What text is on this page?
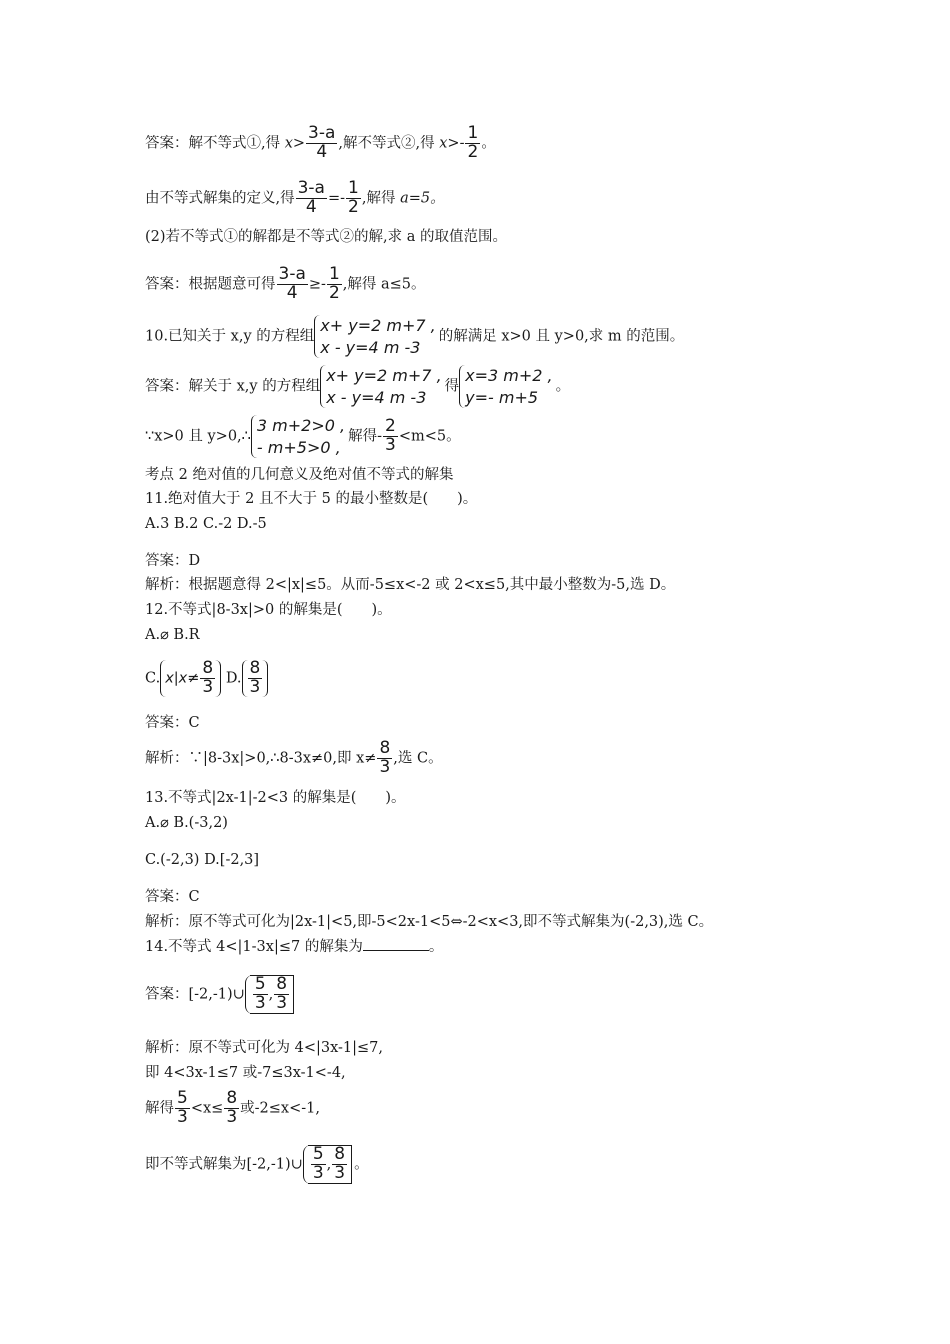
答案：解不等式①,得 $x> \frac{3-a}{4}$ ,解不等式②,得 $x>- \frac{1}{2}$ 。
由不等式解集的定义,得 $\frac{3-a}{4} =- \frac{1}{2}$ ,解得 a=5。
(2)若不等式①的解都是不等式②的解,求 a 的取值范围。
答案：根据题意可得 $\frac{3-a}{4} \ge- \frac{1}{2}$ ,解得 a≤5。
10.已知关于 x,y 的方程组
x+ y=2 m+7 ,
x - y=4 m -3
的解满足 x>0 且 y>0,求 m 的范围。
答案：解关于 x,y 的方程组
x+ y=2 m+7 ,
x - y=4 m -3
得
x=3 m+2 ,
y=- m+5
。
∵x>0 且 y>0,∴
3 m+2>0 ,
- m+5>0 ,
解得- $\frac{2}{3} <m<5$。
考点 2 绝对值的几何意义及绝对值不等式的解集
11.绝对值大于 2 且不大于 5 的最小整数是(　　)。
A.3 B.2 C.-2 D.-5
答案：D
解析：根据题意得 2<|x|≤5。从而-5≤x<-2 或 2<x≤5,其中最小整数为-5,选 D。
12.不等式|8-3x|>0 的解集是(　　)。
A.⌀ B.R
C. $x|x\ne \frac{8}{3} D$. $\frac{8}{3}$
答案：C
解析：∵|8-3x|>0,∴8-3x≠0,即 $x\ne \frac{8}{3}$ ,选 C。
13.不等式|2x-1|-2<3 的解集是(　　)。
A.⌀ B.(-3,2)
C.(-2,3) D.[-2,3]
答案：C
解析：原不等式可化为|2x-1|<5,即-5<2x-1<5⇔-2<x<3,即不等式解集为(-2,3),选 C。
14.不等式 4<|1-3x|≤7 的解集为	。
答案：[-2,-1)∪ $\frac{5}{3}$ , $\frac{8}{3}$
解析：原不等式可化为 4<|3x-1|≤7,
即 4<3x-1≤7 或-7≤3x-1<-4,
解得 $\frac{5}{3} <x\le \frac{8}{3}$ 或-2≤x<-1,
即不等式解集为[-2,-1)∪ $\frac{5}{3}$ , $\frac{8}{3}$ 。
